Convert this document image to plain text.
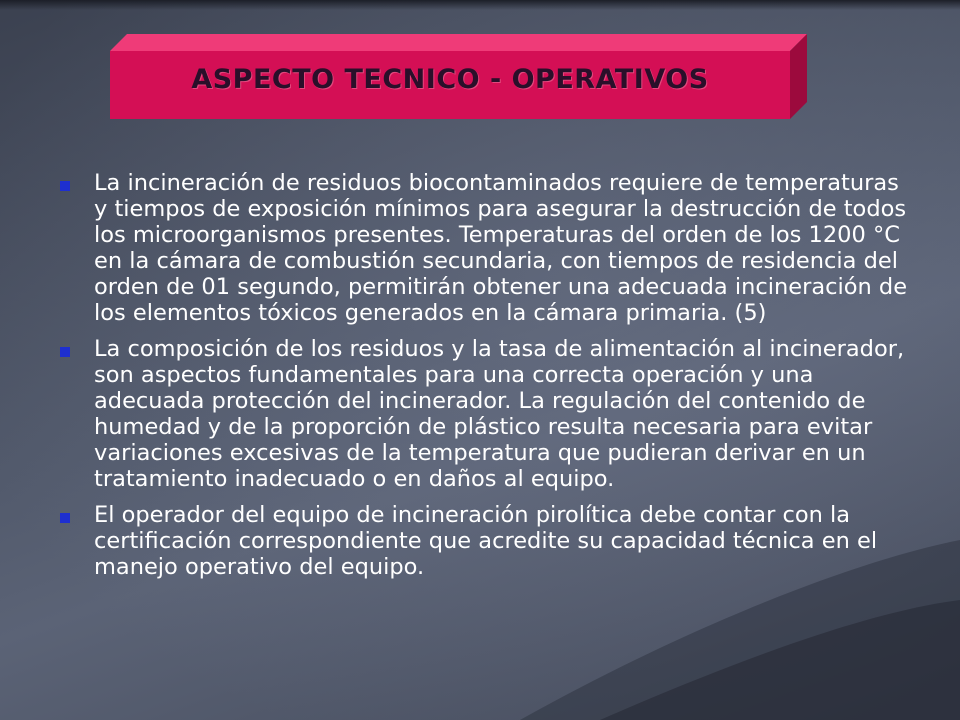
ASPECTO TECNICO - OPERATIVOS

La incineración de residuos biocontaminados requiere de temperaturas y tiempos de exposición mínimos para asegurar la destrucción de todos los microorganismos presentes. Temperaturas del orden de los 1200 °C en la cámara de combustión secundaria, con tiempos de residencia del orden de 01 segundo, permitirán obtener una adecuada incineración de los elementos tóxicos generados en la cámara primaria. (5)

La composición de los residuos y la tasa de alimentación al incinerador, son aspectos fundamentales para una correcta operación y una adecuada protección del incinerador. La regulación del contenido de humedad y de la proporción de plástico resulta necesaria para evitar variaciones excesivas de la temperatura que pudieran derivar en un tratamiento inadecuado o en daños al equipo.

El operador del equipo de incineración pirolítica debe contar con la certificación correspondiente que acredite su capacidad técnica en el manejo operativo del equipo.
